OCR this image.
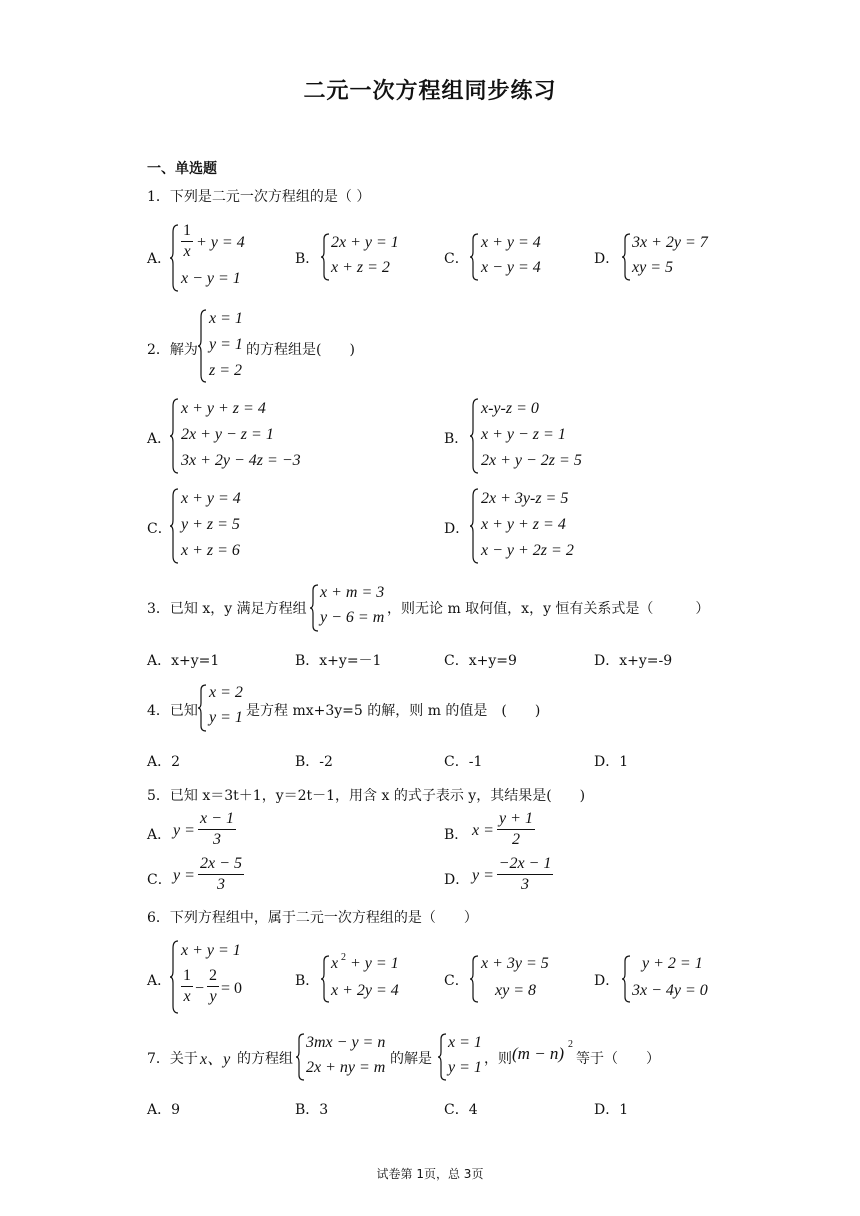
二元一次方程组同步练习
一、单选题
1．下列是二元一次方程组的是（ ）
A．
1
x
+ y = 4
x − y = 1
B．
2x + y = 1
x + z = 2	C．
x + y = 4
x − y = 4	D．
3x + 2y = 7
xy = 5
2．解为
x = 1
y = 1
z = 2
的方程组是(　　)
A．
x + y + z = 4
2x + y − z = 1
3x + 2y − 4z = −3
B．
x-y-z = 0
x + y − z = 1
2x + y − 2z = 5
C．
x + y = 4
y + z = 5
x + z = 6
D．
2x + 3y-z = 5
x + y + z = 4
x − y + 2z = 2
3．已知 x，y 满足方程组
x + m = 3
y − 6 = m ，则无论 m 取何值，x，y 恒有关系式是（　　　）
A．x+y=1	B．x+y=－1	C．x+y=9	D．x+y=-9
4．已知
x = 2
y = 1 是方程 mx+3y=5 的解，则 m 的值是　(　　)
A．2	B．-2	C．-1	D．1
5．已知 x＝3t＋1，y＝2t－1，用含 x 的式子表示 y，其结果是(　　)
A． y =
x − 1
3	B． x =
y + 1
2
C． y =
2x − 5
3	D． y =
−2x − 1
3
6．下列方程组中，属于二元一次方程组的是（　　）
A．
x + y = 1
1
x −
2
y = 0	B．
x 2 + y = 1
x + 2y = 4
C．
x + 3y = 5
xy = 8
D．
y + 2 = 1
3x − 4y = 0
7．关于 x、y 的方程组
3mx − y = n
2x + ny = m 的解是
x = 1
y = 1 ，则 (m − n) 2
等于（　　）
A．9	B．3	C．4	D．1
试卷第 1页，总 3页
